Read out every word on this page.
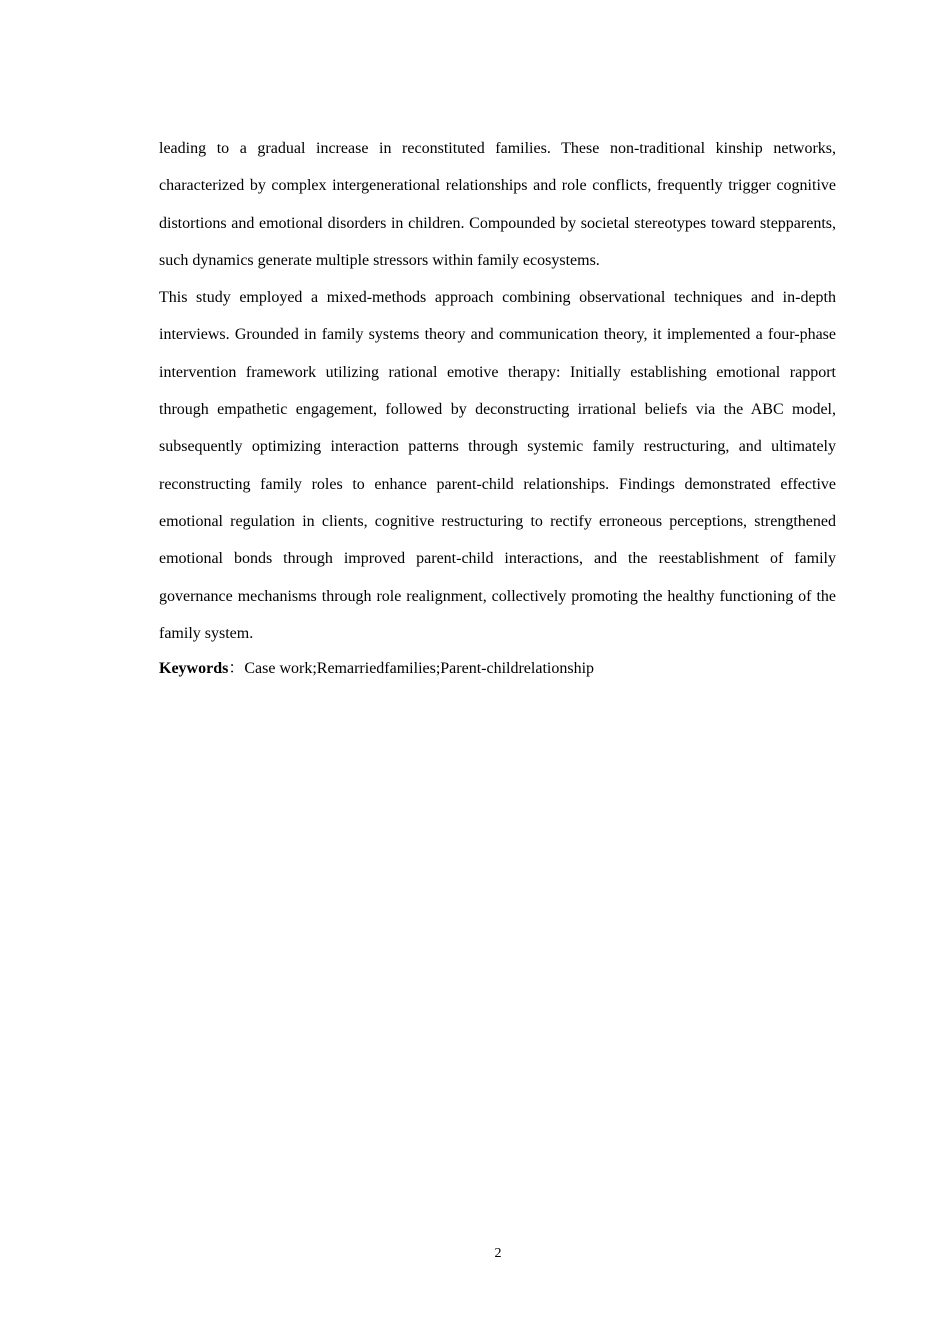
leading to a gradual increase in reconstituted families. These non-traditional kinship networks, characterized by complex intergenerational relationships and role conflicts, frequently trigger cognitive distortions and emotional disorders in children. Compounded by societal stereotypes toward stepparents, such dynamics generate multiple stressors within family ecosystems.

This study employed a mixed-methods approach combining observational techniques and in-depth interviews. Grounded in family systems theory and communication theory, it implemented a four-phase intervention framework utilizing rational emotive therapy: Initially establishing emotional rapport through empathetic engagement, followed by deconstructing irrational beliefs via the ABC model, subsequently optimizing interaction patterns through systemic family restructuring, and ultimately reconstructing family roles to enhance parent-child relationships. Findings demonstrated effective emotional regulation in clients, cognitive restructuring to rectify erroneous perceptions, strengthened emotional bonds through improved parent-child interactions, and the reestablishment of family governance mechanisms through role realignment, collectively promoting the healthy functioning of the family system.

Keywords：Case work;Remarriedfamilies;Parent-childrelationship

2
